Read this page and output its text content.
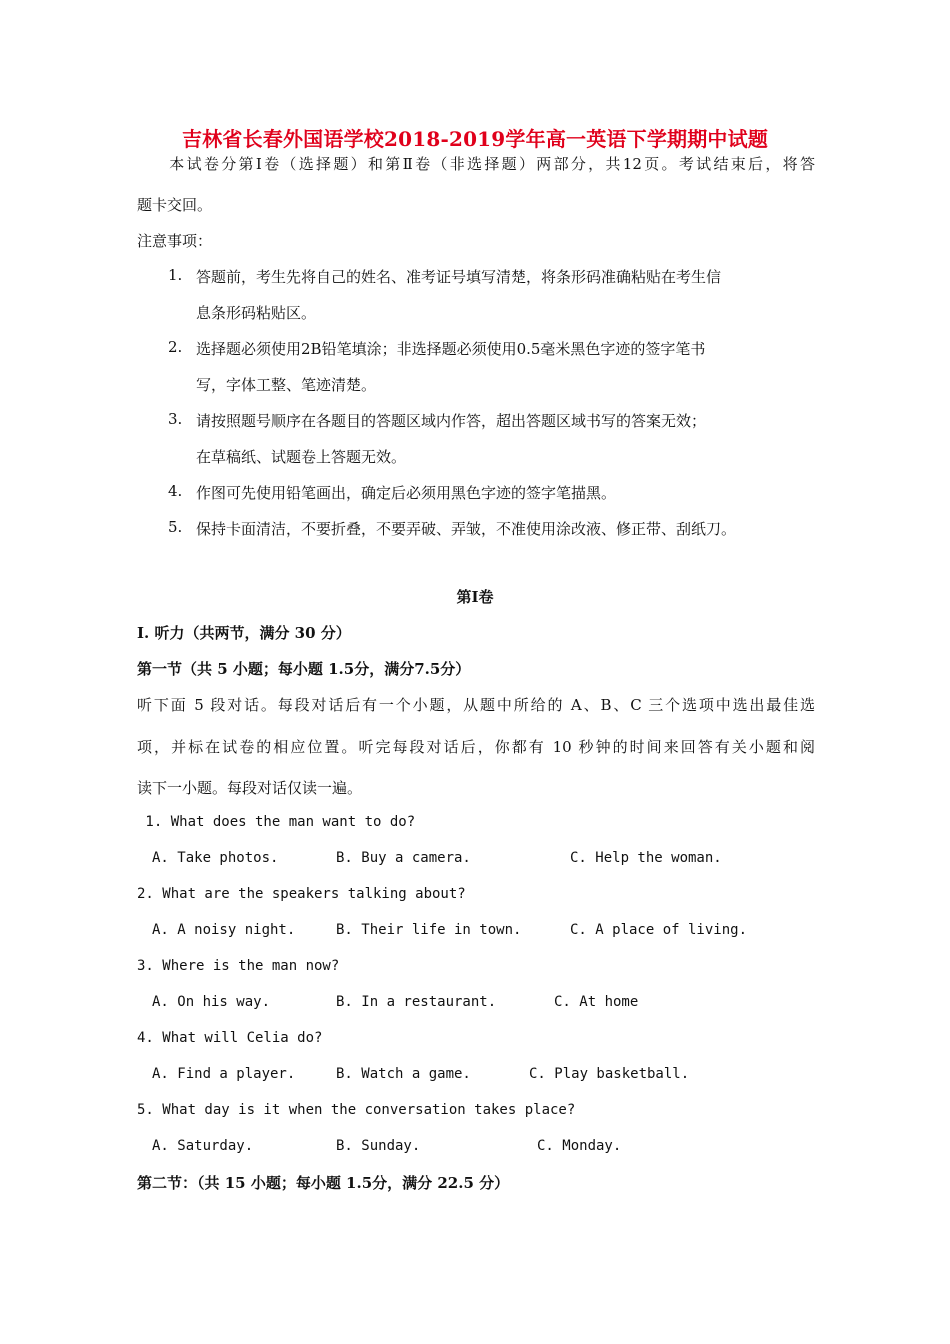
吉林省长春外国语学校2018-2019学年高一英语下学期期中试题
本试卷分第Ⅰ卷（选择题）和第Ⅱ卷（非选择题）两部分，共12页。考试结束后，将答
题卡交回。
注意事项：
1. 答题前，考生先将自己的姓名、准考证号填写清楚，将条形码准确粘贴在考生信
息条形码粘贴区。
2. 选择题必须使用2B铅笔填涂；非选择题必须使用0.5毫米黑色字迹的签字笔书
写，字体工整、笔迹清楚。
3. 请按照题号顺序在各题目的答题区域内作答，超出答题区域书写的答案无效；
在草稿纸、试题卷上答题无效。
4. 作图可先使用铅笔画出，确定后必须用黑色字迹的签字笔描黑。
5. 保持卡面清洁，不要折叠，不要弄破、弄皱，不准使用涂改液、修正带、刮纸刀。
第Ⅰ卷
I. 听力（共两节，满分 30 分）
第一节（共 5 小题；每小题 1.5分，满分7.5分）
听下面 5 段对话。每段对话后有一个小题，从题中所给的 A、B、C 三个选项中选出最佳选
项，并标在试卷的相应位置。听完每段对话后，你都有 10 秒钟的时间来回答有关小题和阅
读下一小题。每段对话仅读一遍。
1. What does the man want to do?
A. Take photos.	B. Buy a camera.	C. Help the woman.
2. What are the speakers talking about?
A. A noisy night.	B. Their life in town.	C. A place of living.
3. Where is the man now?
A. On his way.	B. In a restaurant.	C. At home
4. What will Celia do?
A. Find a player.	B. Watch a game.	C. Play basketball.
5. What day is it when the conversation takes place?
A. Saturday.	B. Sunday.	C. Monday.
第二节：（共 15 小题；每小题 1.5分，满分 22.5 分）
